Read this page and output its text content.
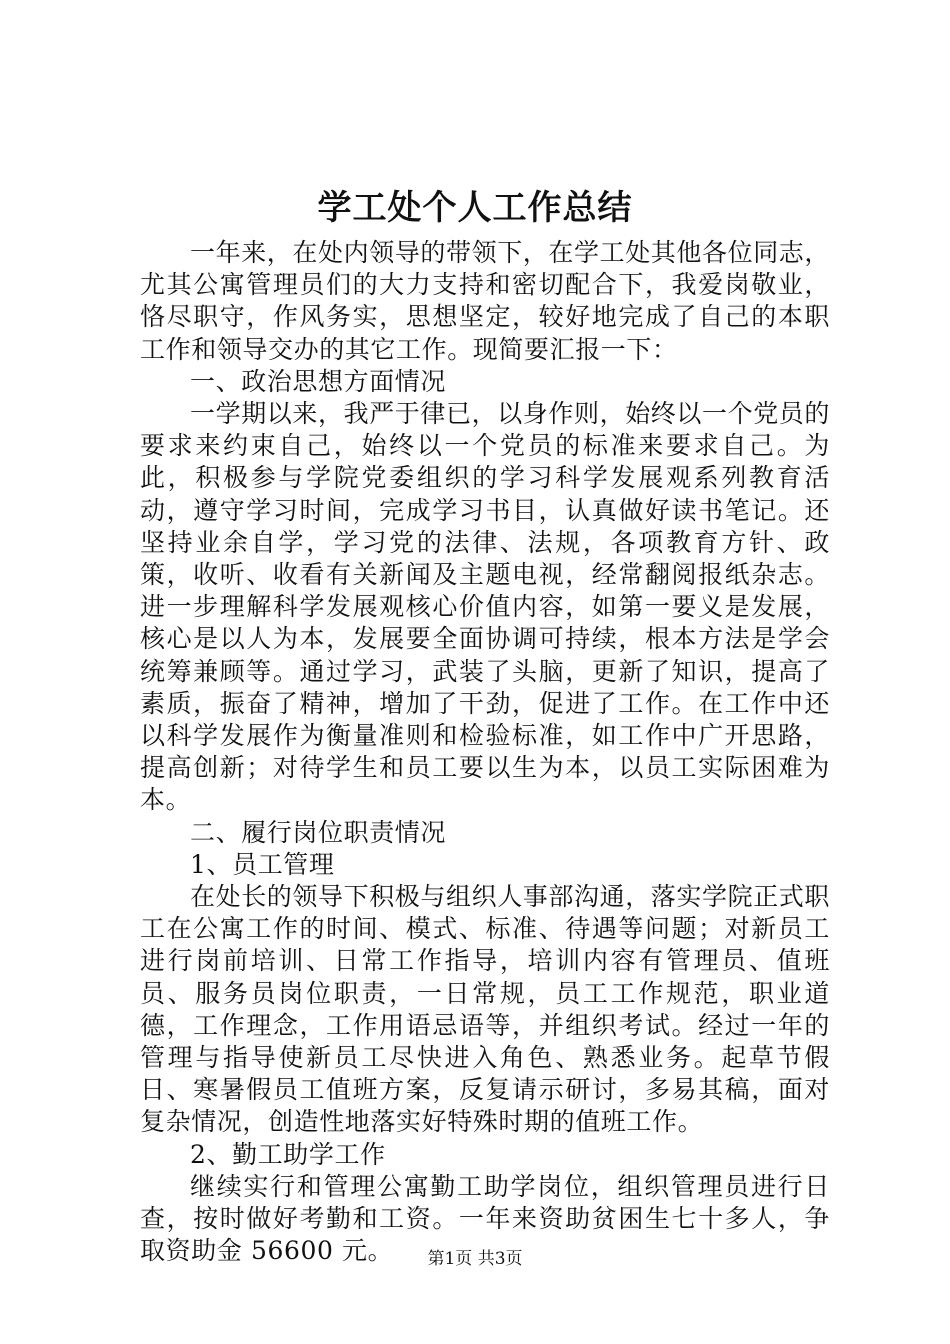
学工处个人工作总结

一年来，在处内领导的带领下，在学工处其他各位同志，尤其公寓管理员们的大力支持和密切配合下，我爱岗敬业，恪尽职守，作风务实，思想坚定，较好地完成了自己的本职工作和领导交办的其它工作。现简要汇报一下：

一、政治思想方面情况

一学期以来，我严于律已，以身作则，始终以一个党员的要求来约束自己，始终以一个党员的标准来要求自己。为此，积极参与学院党委组织的学习科学发展观系列教育活动，遵守学习时间，完成学习书目，认真做好读书笔记。还坚持业余自学，学习党的法律、法规，各项教育方针、政策，收听、收看有关新闻及主题电视，经常翻阅报纸杂志。进一步理解科学发展观核心价值内容，如第一要义是发展，核心是以人为本，发展要全面协调可持续，根本方法是学会统筹兼顾等。通过学习，武装了头脑，更新了知识，提高了素质，振奋了精神，增加了干劲，促进了工作。在工作中还以科学发展作为衡量准则和检验标准，如工作中广开思路，提高创新；对待学生和员工要以生为本，以员工实际困难为本。

二、履行岗位职责情况

1、员工管理

在处长的领导下积极与组织人事部沟通，落实学院正式职工在公寓工作的时间、模式、标准、待遇等问题；对新员工进行岗前培训、日常工作指导，培训内容有管理员、值班员、服务员岗位职责，一日常规，员工工作规范，职业道德，工作理念，工作用语忌语等，并组织考试。经过一年的管理与指导使新员工尽快进入角色、熟悉业务。起草节假日、寒暑假员工值班方案，反复请示研讨，多易其稿，面对复杂情况，创造性地落实好特殊时期的值班工作。

2、勤工助学工作

继续实行和管理公寓勤工助学岗位，组织管理员进行日查，按时做好考勤和工资。一年来资助贫困生七十多人，争取资助金 56600 元。	第1页 共3页
